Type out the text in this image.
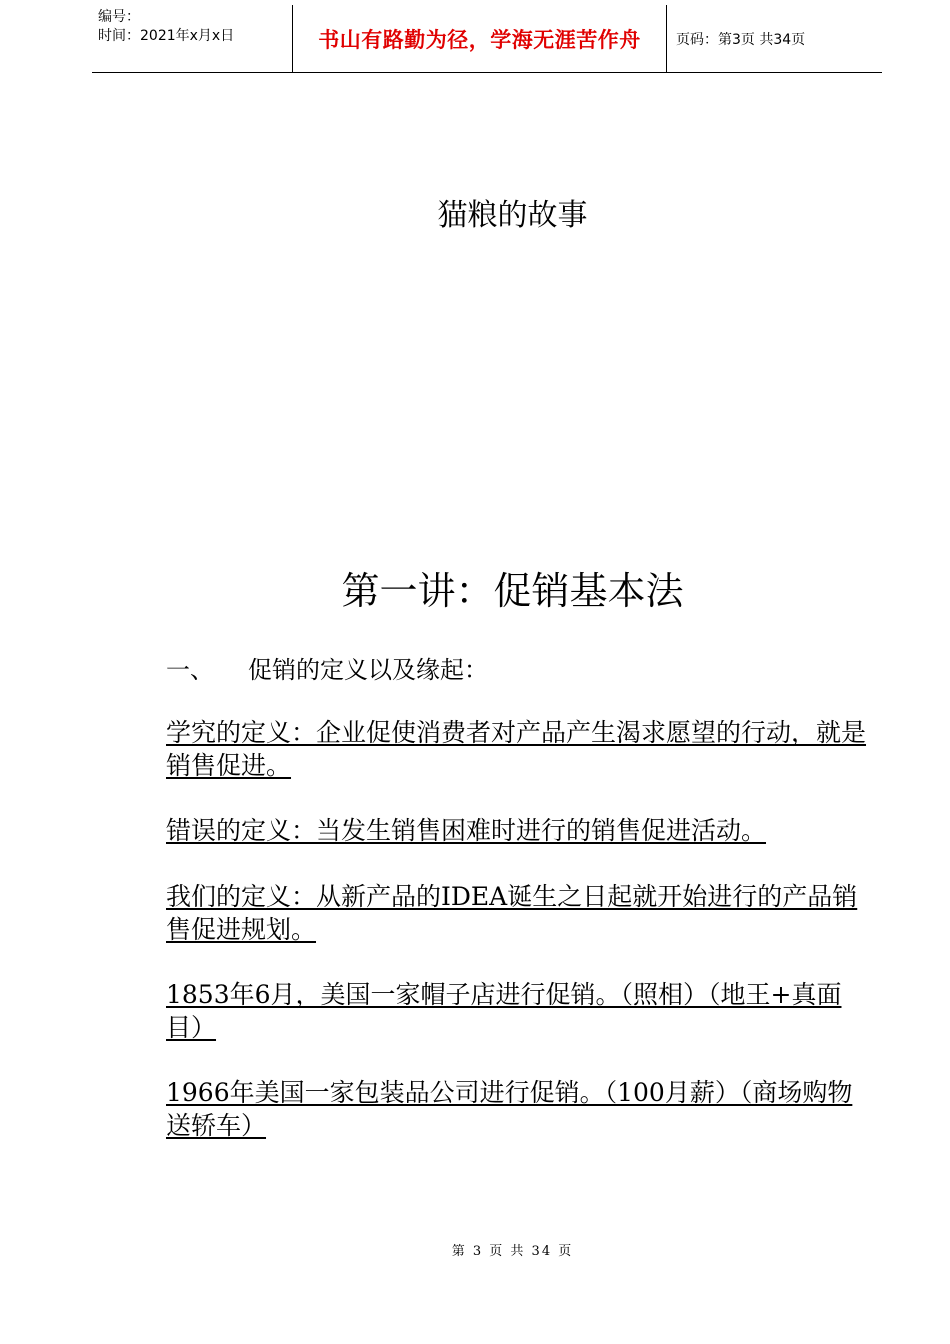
编号：
时间：2021年x月x日	书山有路勤为径，学海无涯苦作舟	页码：第3页 共34页
猫粮的故事
第一讲：促销基本法
一、	促销的定义以及缘起：
学究的定义：企业促使消费者对产品产生渴求愿望的行动，就是销售促进。
错误的定义：当发生销售困难时进行的销售促进活动。
我们的定义：从新产品的IDEA诞生之日起就开始进行的产品销售促进规划。
1853年6月，美国一家帽子店进行促销。（照相）（地王+真面目）
1966年美国一家包装品公司进行促销。（100月薪）（商场购物送轿车）
第 3 页 共 34 页
